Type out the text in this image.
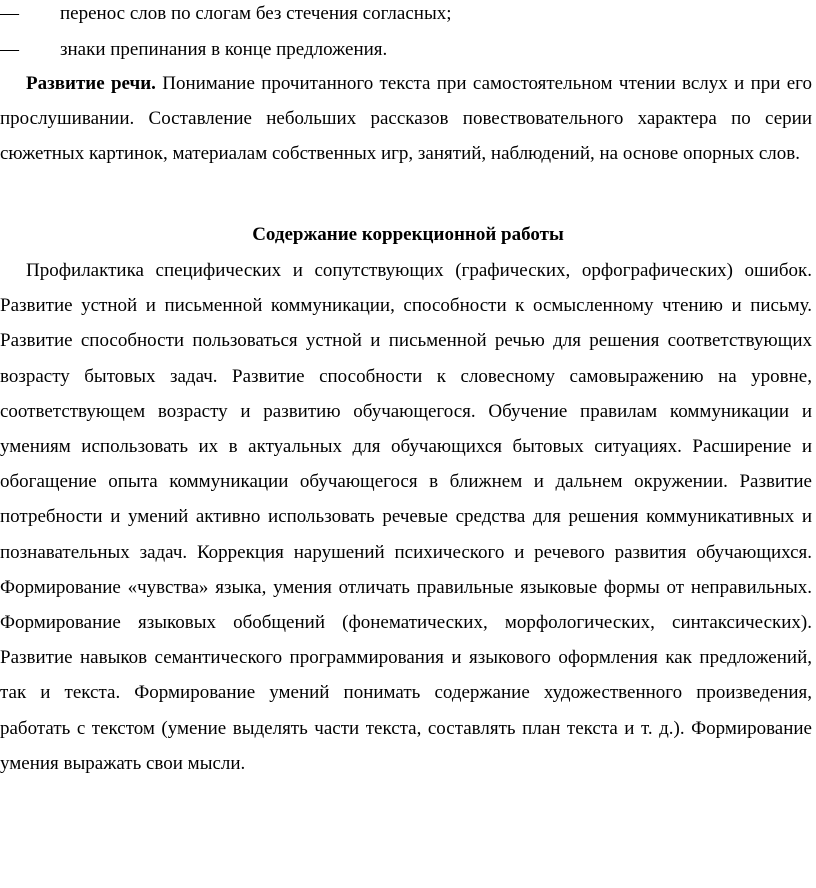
— перенос слов по слогам без стечения согласных;
— знаки препинания в конце предложения.

Развитие речи. Понимание прочитанного текста при самостоятельном чтении вслух и при его прослушивании. Составление небольших рассказов повествовательного характера по серии сюжетных картинок, материалам собственных игр, занятий, наблюдений, на основе опорных слов.

Содержание коррекционной работы

Профилактика специфических и сопутствующих (графических, орфографических) ошибок. Развитие устной и письменной коммуникации, способности к осмысленному чтению и письму. Развитие способности пользоваться устной и письменной речью для решения соответствующих возрасту бытовых задач. Развитие способности к словесному самовыражению на уровне, соответствующем возрасту и развитию обучающегося. Обучение правилам коммуникации и умениям использовать их в актуальных для обучающихся бытовых ситуациях. Расширение и обогащение опыта коммуникации обучающегося в ближнем и дальнем окружении. Развитие потребности и умений активно использовать речевые средства для решения коммуникативных и познавательных задач. Коррекция нарушений психического и речевого развития обучающихся. Формирование «чувства» языка, умения отличать правильные языковые формы от неправильных. Формирование языковых обобщений (фонематических, морфологических, синтаксических). Развитие навыков семантического программирования и языкового оформления как предложений, так и текста. Формирование умений понимать содержание художественного произведения, работать с текстом (умение выделять части текста, составлять план текста и т. д.). Формирование умения выражать свои мысли.
